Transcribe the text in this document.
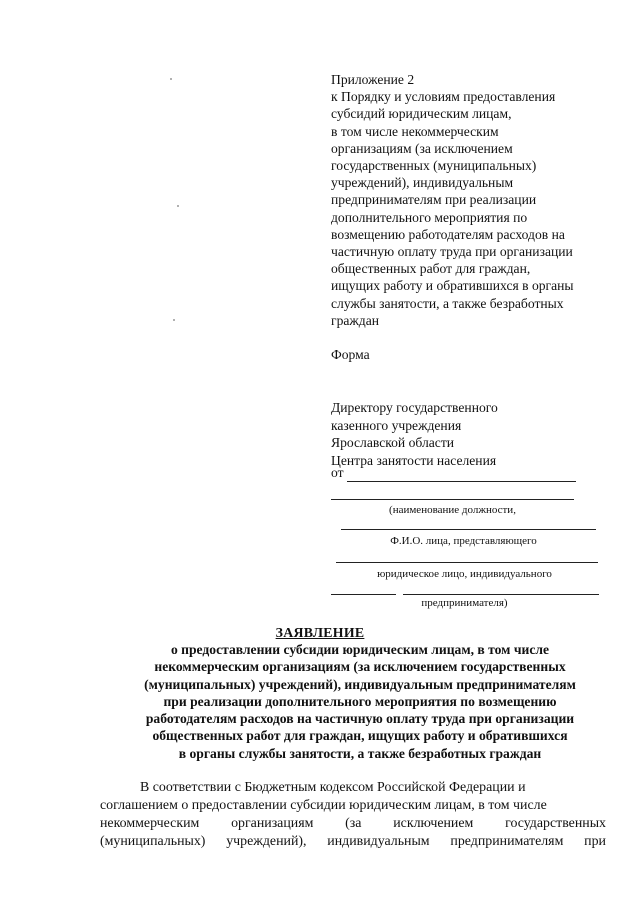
Приложение 2
к Порядку и условиям предоставления
субсидий юридическим лицам,
в том числе некоммерческим
организациям (за исключением
государственных (муниципальных)
учреждений), индивидуальным
предпринимателям при реализации
дополнительного мероприятия по
возмещению работодателям расходов на
частичную оплату труда при организации
общественных работ для граждан,
ищущих работу и обратившихся в органы
службы занятости, а также безработных
граждан
Форма
Директору государственного
казенного учреждения
Ярославской области
Центра занятости населения
от
(наименование должности,
Ф.И.О. лица, представляющего
юридическое лицо, индивидуального
предпринимателя)
ЗАЯВЛЕНИЕ
о предоставлении субсидии юридическим лицам, в том числе
некоммерческим организациям (за исключением государственных
(муниципальных) учреждений), индивидуальным предпринимателям
при реализации дополнительного мероприятия по возмещению
работодателям расходов на частичную оплату труда при организации
общественных работ для граждан, ищущих работу и обратившихся
в органы службы занятости, а также безработных граждан
В соответствии с Бюджетным кодексом Российской Федерации и
соглашением о предоставлении субсидии юридическим лицам, в том числе
некоммерческим организациям (за исключением государственных
(муниципальных) учреждений), индивидуальным предпринимателям при
